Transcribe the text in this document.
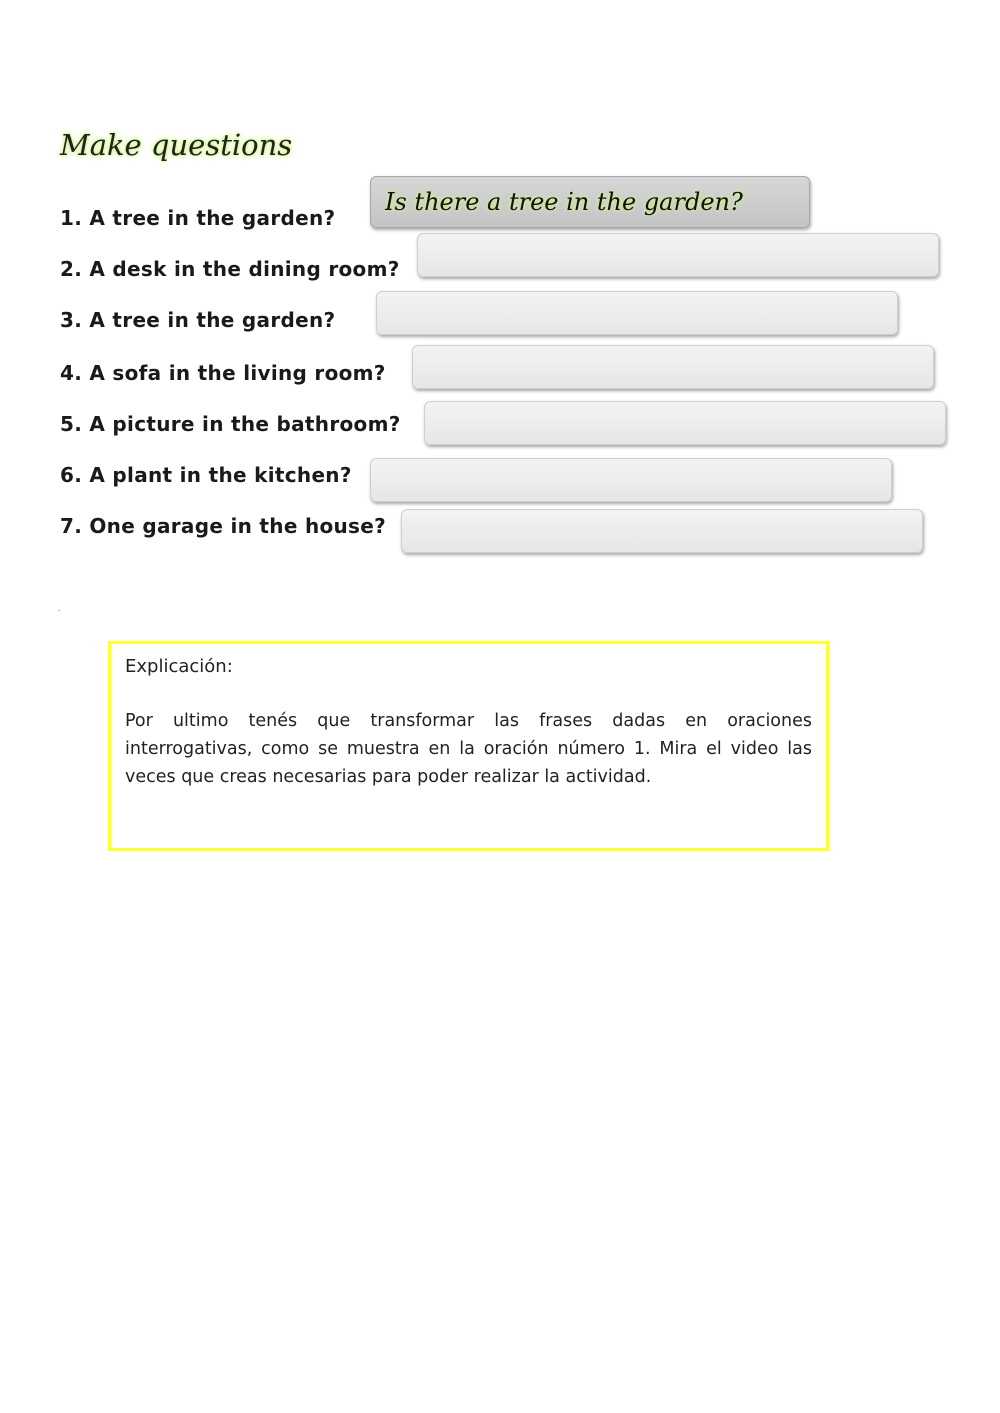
Make questions
1. A tree in the garden?
Is there a tree in the garden?
2. A desk in the dining room?
3. A tree in the garden?
4. A sofa in the living room?
5. A picture in the bathroom?
6. A plant in the kitchen?
7. One garage in the house?
.

Explicación:

Por ultimo tenés que transformar las frases dadas en oraciones interrogativas, como se muestra en la oración número 1. Mira el video las veces que creas necesarias para poder realizar la actividad.
